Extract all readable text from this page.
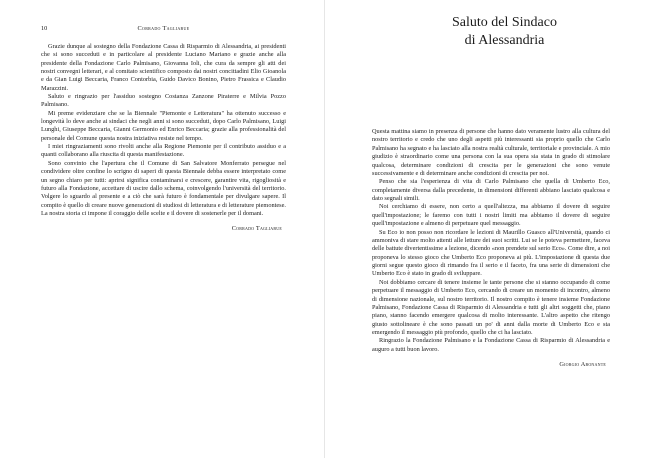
10	Corrado Tagliabue

Grazie dunque al sostegno della Fondazione Cassa di Risparmio di Alessandria, ai presidenti che si sono succeduti e in particolare al presidente Luciano Mariano e grazie anche alla presidente della Fondazione Carlo Palmisano, Giovanna Ioli, che cura da sempre gli atti dei nostri convegni letterari, e al comitato scientifico composto dai nostri concittadini Elio Gioanola e da Gian Luigi Beccaria, Franco Contorbia, Guido Davico Bonino, Pietro Frassica e Claudio Marazzini.

Saluto e ringrazio per l'assiduo sostegno Costanza Zanzone Piraterre e Milvia Pozzo Palmisano.

Mi preme evidenziare che se la Biennale "Piemonte e Letteratura" ha ottenuto successo e longevità lo deve anche ai sindaci che negli anni si sono succeduti, dopo Carlo Palmisano, Luigi Lunghi, Giuseppe Beccaria, Gianni Germonio ed Enrico Beccaria; grazie alla professionalità del personale del Comune questa nostra iniziativa resiste nel tempo.

I miei ringraziamenti sono rivolti anche alla Regione Piemonte per il contributo assiduo e a quanti collaborano alla riuscita di questa manifestazione.

Sono convinto che l'apertura che il Comune di San Salvatore Monferrato persegue nel condividere oltre confine lo scrigno di saperi di questa Biennale debba essere interpretato come un segno chiaro per tutti: aprirsi significa contaminarsi e crescere, garantire vita, rigogliosità e futuro alla Fondazione, accettare di uscire dallo schema, coinvolgendo l'università del territorio. Volgere lo sguardo al presente e a ciò che sarà futuro è fondamentale per divulgare sapere. Il compito è quello di creare nuove generazioni di studiosi di letteratura e di letterature piemontese. La nostra storia ci impone il coraggio delle scelte e il dovere di sostenerle per il domani.

Corrado Tagliabue
Saluto del Sindaco
di Alessandria

Questa mattina siamo in presenza di persone che hanno dato veramente lustro alla cultura del nostro territorio e credo che uno degli aspetti più interessanti sia proprio quello che Carlo Palmisano ha segnato e ha lasciato alla nostra realtà culturale, territoriale e provinciale. A mio giudizio è straordinario come una persona con la sua opera sia stata in grado di stimolare qualcosa, determinare condizioni di crescita per le generazioni che sono venute successivamente e di determinare anche condizioni di crescita per noi.

Penso che sia l'esperienza di vita di Carlo Palmisano che quella di Umberto Eco, completamente diversa dalla precedente, in dimensioni differenti abbiano lasciato qualcosa e dato segnali simili.

Noi cerchiamo di essere, non certo a quell'altezza, ma abbiamo il dovere di seguire quell'impostazione; le faremo con tutti i nostri limiti ma abbiamo il dovere di seguire quell'impostazione e almeno di perpetuare quel messaggio.

Su Eco io non posso non ricordare le lezioni di Maurillo Guasco all'Università, quando ci ammoniva di stare molto attenti alle letture dei suoi scritti. Lui se le poteva permettere, faceva delle battute divertentissime a lezione, dicendo «non prendete sul serio Eco». Come dire, a noi proponeva lo stesso gioco che Umberto Eco proponeva ai più. L'impostazione di questa due giorni segue questo gioco di rimando fra il serio e il faceto, fra una serie di dimensioni che Umberto Eco è stato in grado di sviluppare.

Noi dobbiamo cercare di tenere insieme le tante persone che si stanno occupando di come perpetuare il messaggio di Umberto Eco, cercando di creare un momento di incontro, almeno di dimensione nazionale, sul nostro territorio. Il nostro compito è tenere insieme Fondazione Palmisano, Fondazione Cassa di Risparmio di Alessandria e tutti gli altri soggetti che, piano piano, stanno facendo emergere qualcosa di molto interessante. L'altro aspetto che ritengo giusto sottolineare è che sono passati un po' di anni dalla morte di Umberto Eco e sta emergendo il messaggio più profondo, quello che ci ha lasciato.

Ringrazio la Fondazione Palmisano e la Fondazione Cassa di Risparmio di Alessandria e auguro a tutti buon lavoro.

Giorgio Abonante
